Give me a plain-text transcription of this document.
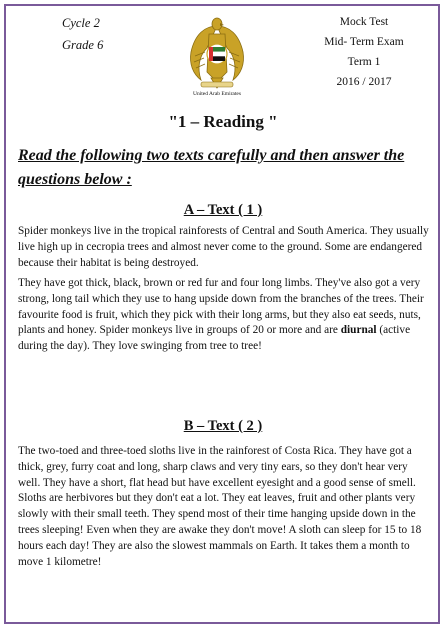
Cycle 2
Grade 6
United Arab Emirates
Mock Test
Mid- Term Exam
Term 1
2016 / 2017
"1 – Reading "
Read the following two texts carefully and then answer the questions below :
A – Text ( 1 )

Spider monkeys live in the tropical rainforests of Central and South America. They usually live high up in cecropia trees and almost never come to the ground. Some are endangered because their habitat is being destroyed.

They have got thick, black, brown or red fur and four long limbs. They've also got a very strong, long tail which they use to hang upside down from the branches of the trees. Their favourite food is fruit, which they pick with their long arms, but they also eat seeds, nuts, plants and honey. Spider monkeys live in groups of 20 or more and are diurnal (active during the day). They love swinging from tree to tree!

B – Text ( 2 )

The two-toed and three-toed sloths live in the rainforest of Costa Rica. They have got a thick, grey, furry coat and long, sharp claws and very tiny ears, so they don't hear very well. They have a short, flat head but have excellent eyesight and a good sense of smell. Sloths are herbivores but they don't eat a lot. They eat leaves, fruit and other plants very slowly with their small teeth. They spend most of their time hanging upside down in the trees sleeping! Even when they are awake they don't move! A sloth can sleep for 15 to 18 hours each day! They are also the slowest mammals on Earth. It takes them a month to move 1 kilometre!
